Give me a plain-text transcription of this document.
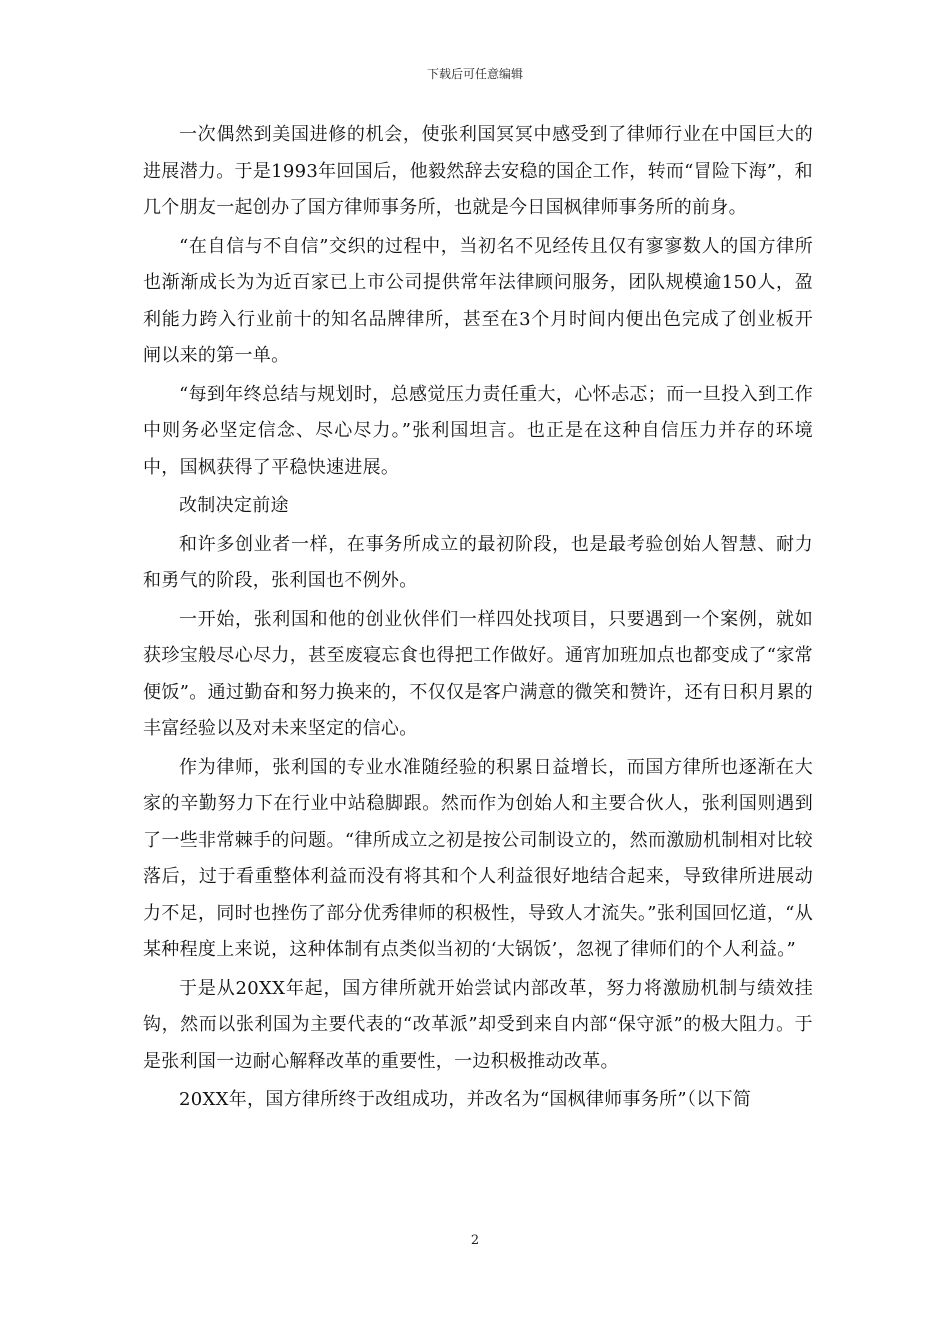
下载后可任意编辑

一次偶然到美国进修的机会，使张利国冥冥中感受到了律师行业在中国巨大的进展潜力。于是1993年回国后，他毅然辞去安稳的国企工作，转而“冒险下海”，和几个朋友一起创办了国方律师事务所，也就是今日国枫律师事务所的前身。

“在自信与不自信”交织的过程中，当初名不见经传且仅有寥寥数人的国方律所也渐渐成长为为近百家已上市公司提供常年法律顾问服务，团队规模逾150人，盈利能力跨入行业前十的知名品牌律所，甚至在3个月时间内便出色完成了创业板开闸以来的第一单。

“每到年终总结与规划时，总感觉压力责任重大，心怀忐忑；而一旦投入到工作中则务必坚定信念、尽心尽力。”张利国坦言。也正是在这种自信压力并存的环境中，国枫获得了平稳快速进展。

改制决定前途

和许多创业者一样，在事务所成立的最初阶段，也是最考验创始人智慧、耐力和勇气的阶段，张利国也不例外。

一开始，张利国和他的创业伙伴们一样四处找项目，只要遇到一个案例，就如获珍宝般尽心尽力，甚至废寝忘食也得把工作做好。通宵加班加点也都变成了“家常便饭”。通过勤奋和努力换来的，不仅仅是客户满意的微笑和赞许，还有日积月累的丰富经验以及对未来坚定的信心。

作为律师，张利国的专业水准随经验的积累日益增长，而国方律所也逐渐在大家的辛勤努力下在行业中站稳脚跟。然而作为创始人和主要合伙人，张利国则遇到了一些非常棘手的问题。“律所成立之初是按公司制设立的，然而激励机制相对比较落后，过于看重整体利益而没有将其和个人利益很好地结合起来，导致律所进展动力不足，同时也挫伤了部分优秀律师的积极性，导致人才流失。”张利国回忆道，“从某种程度上来说，这种体制有点类似当初的‘大锅饭’，忽视了律师们的个人利益。”

于是从20XX年起，国方律所就开始尝试内部改革，努力将激励机制与绩效挂钩，然而以张利国为主要代表的“改革派”却受到来自内部“保守派”的极大阻力。于是张利国一边耐心解释改革的重要性，一边积极推动改革。

20XX年，国方律所终于改组成功，并改名为“国枫律师事务所”（以下简

2
